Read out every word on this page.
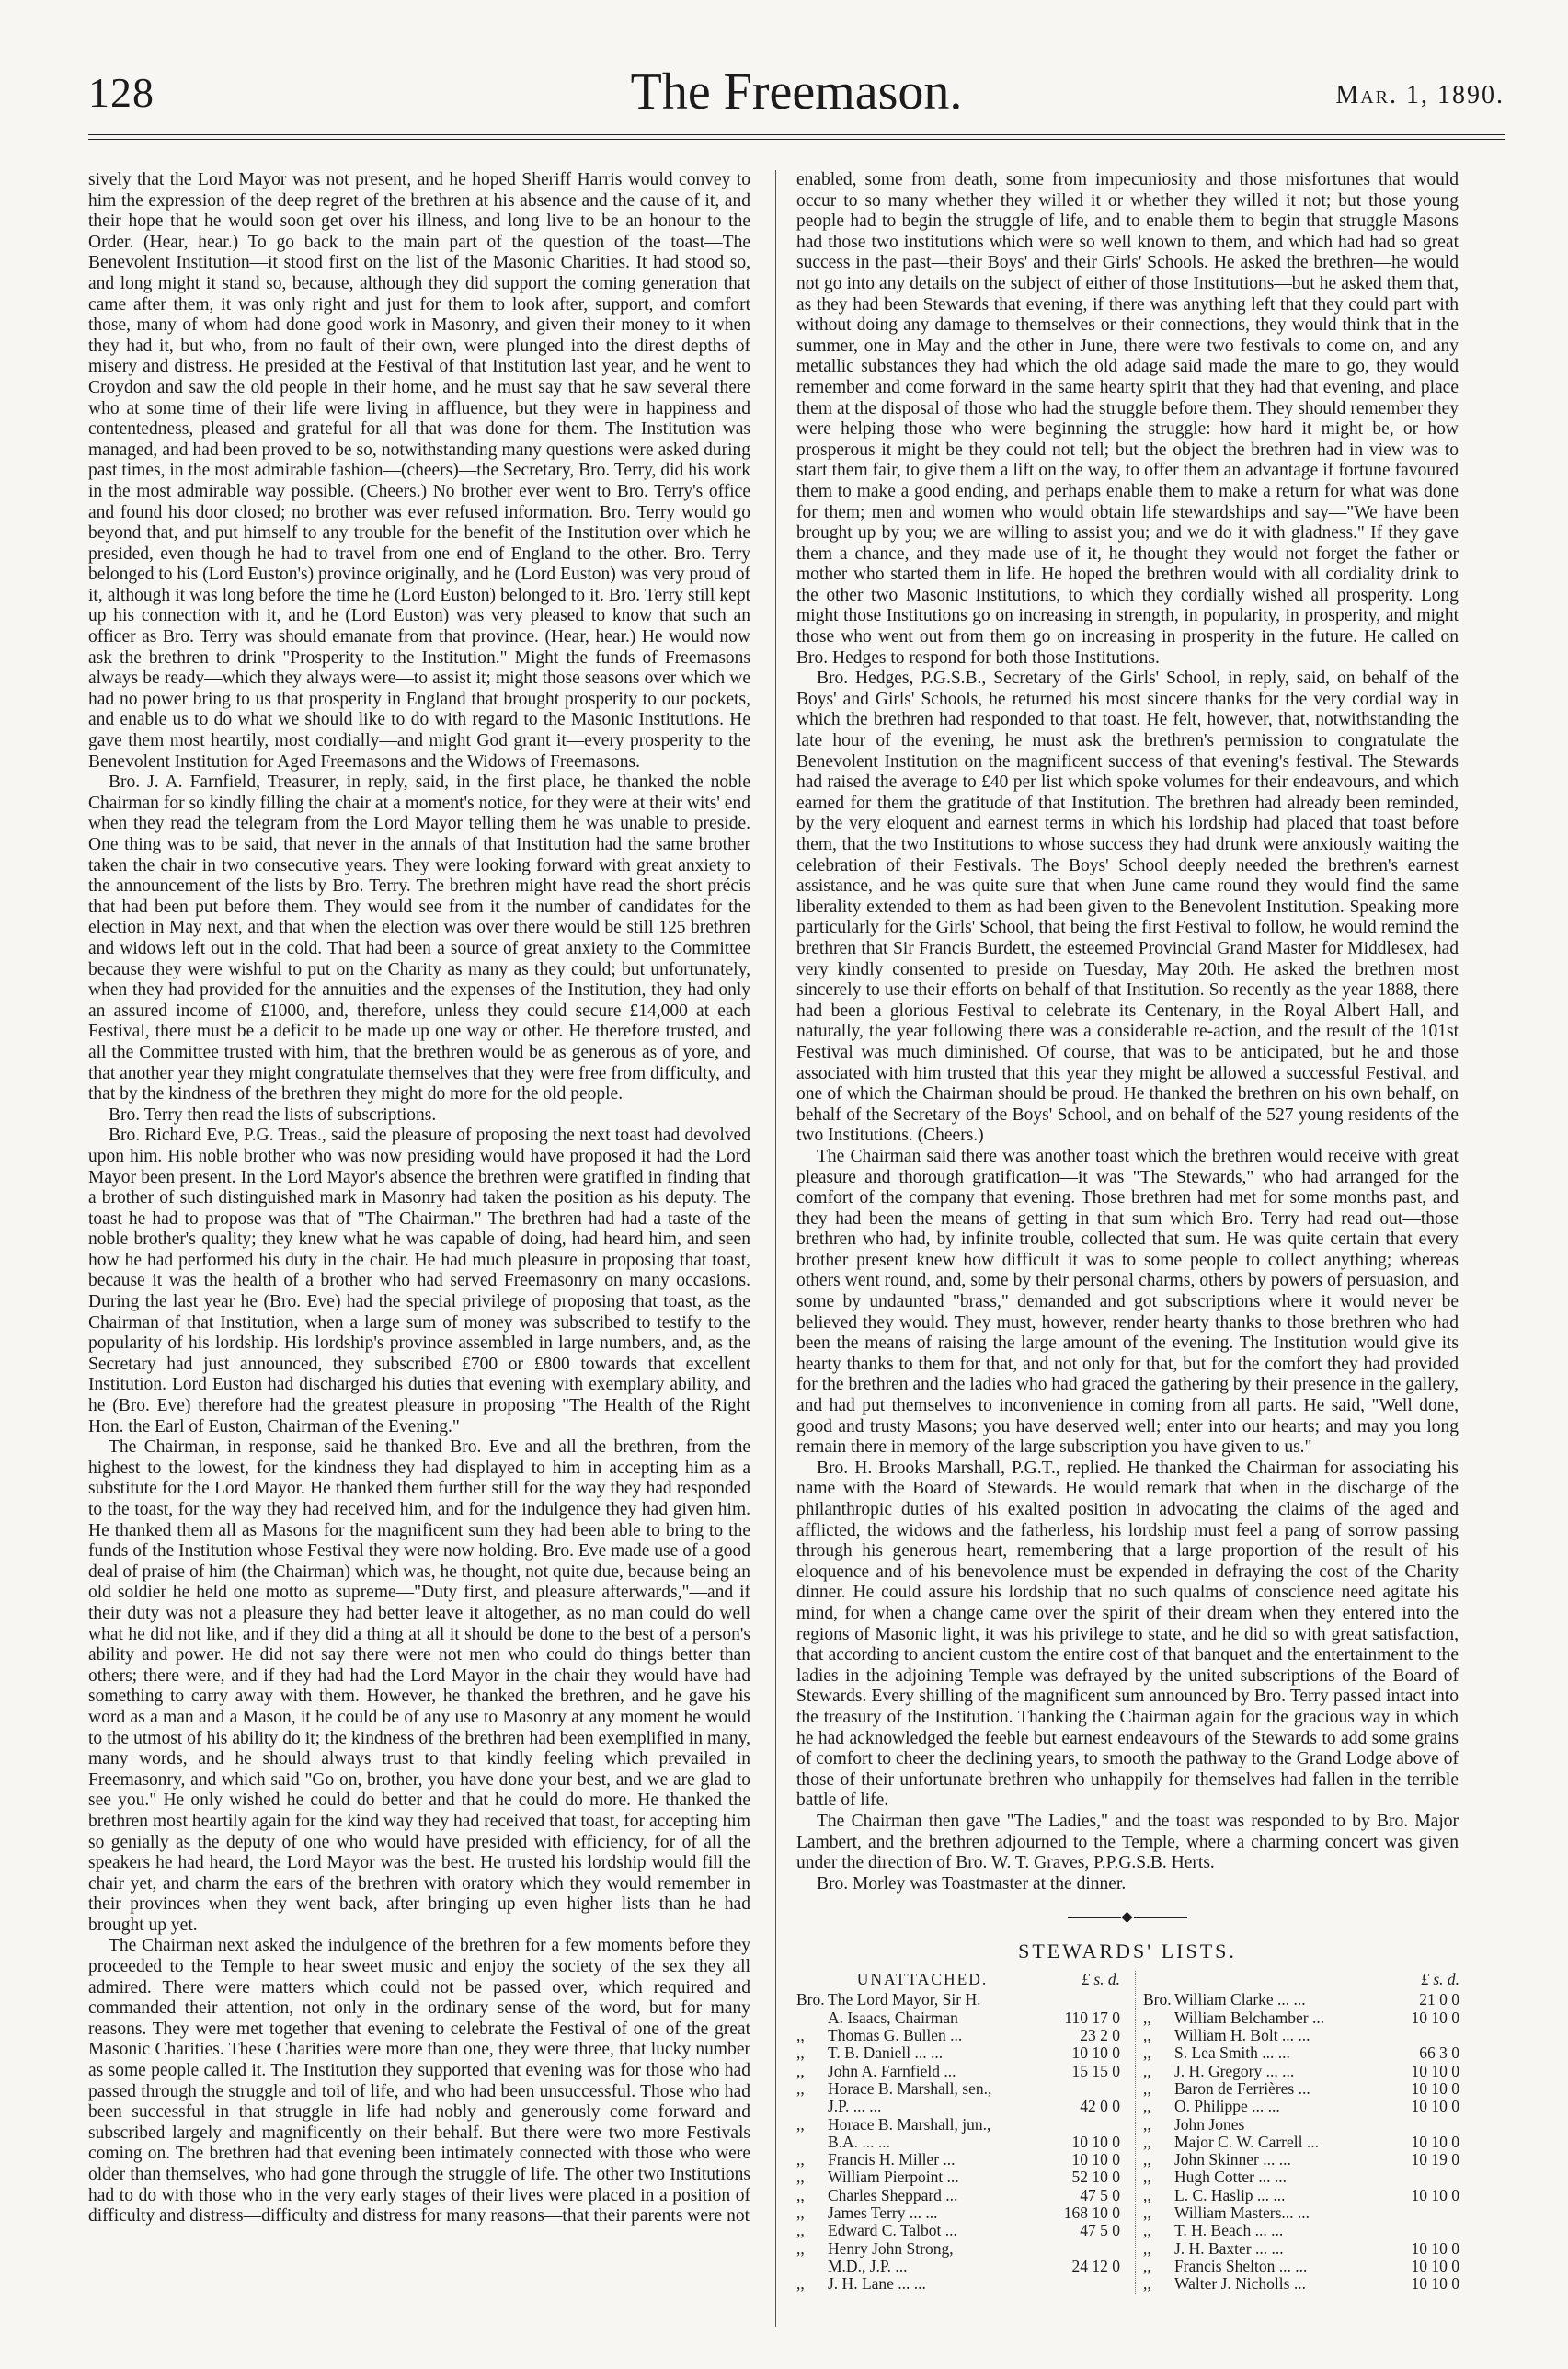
128	The Freemason.	Mar. 1, 1890.

sively that the Lord Mayor was not present, and he hoped Sheriff Harris would convey to him the expression of the deep regret of the brethren at his absence and the cause of it, and their hope that he would soon get over his illness, and long live to be an honour to the Order. (Hear, hear.) To go back to the main part of the question of the toast—The Benevolent Institution—it stood first on the list of the Masonic Charities. It had stood so, and long might it stand so, because, although they did support the coming generation that came after them, it was only right and just for them to look after, support, and comfort those, many of whom had done good work in Masonry, and given their money to it when they had it, but who, from no fault of their own, were plunged into the direst depths of misery and distress. He presided at the Festival of that Institution last year, and he went to Croydon and saw the old people in their home, and he must say that he saw several there who at some time of their life were living in affluence, but they were in happiness and contentedness, pleased and grateful for all that was done for them. The Institution was managed, and had been proved to be so, notwithstanding many questions were asked during past times, in the most admirable fashion—(cheers)—the Secretary, Bro. Terry, did his work in the most admirable way possible. (Cheers.) No brother ever went to Bro. Terry's office and found his door closed; no brother was ever refused information. Bro. Terry would go beyond that, and put himself to any trouble for the benefit of the Institution over which he presided, even though he had to travel from one end of England to the other. Bro. Terry belonged to his (Lord Euston's) province originally, and he (Lord Euston) was very proud of it, although it was long before the time he (Lord Euston) belonged to it. Bro. Terry still kept up his connection with it, and he (Lord Euston) was very pleased to know that such an officer as Bro. Terry was should emanate from that province. (Hear, hear.) He would now ask the brethren to drink "Prosperity to the Institution." Might the funds of Freemasons always be ready—which they always were—to assist it; might those seasons over which we had no power bring to us that prosperity in England that brought prosperity to our pockets, and enable us to do what we should like to do with regard to the Masonic Institutions. He gave them most heartily, most cordially—and might God grant it—every prosperity to the Benevolent Institution for Aged Freemasons and the Widows of Freemasons.

Bro. J. A. Farnfield, Treasurer, in reply, said, in the first place, he thanked the noble Chairman for so kindly filling the chair at a moment's notice, for they were at their wits' end when they read the telegram from the Lord Mayor telling them he was unable to preside. One thing was to be said, that never in the annals of that Institution had the same brother taken the chair in two consecutive years. They were looking forward with great anxiety to the announcement of the lists by Bro. Terry. The brethren might have read the short précis that had been put before them. They would see from it the number of candidates for the election in May next, and that when the election was over there would be still 125 brethren and widows left out in the cold. That had been a source of great anxiety to the Committee because they were wishful to put on the Charity as many as they could; but unfortunately, when they had provided for the annuities and the expenses of the Institution, they had only an assured income of £1000, and, therefore, unless they could secure £14,000 at each Festival, there must be a deficit to be made up one way or other. He therefore trusted, and all the Committee trusted with him, that the brethren would be as generous as of yore, and that another year they might congratulate themselves that they were free from difficulty, and that by the kindness of the brethren they might do more for the old people.

Bro. Terry then read the lists of subscriptions.

Bro. Richard Eve, P.G. Treas., said the pleasure of proposing the next toast had devolved upon him. His noble brother who was now presiding would have proposed it had the Lord Mayor been present. In the Lord Mayor's absence the brethren were gratified in finding that a brother of such distinguished mark in Masonry had taken the position as his deputy. The toast he had to propose was that of "The Chairman." The brethren had had a taste of the noble brother's quality; they knew what he was capable of doing, had heard him, and seen how he had performed his duty in the chair. He had much pleasure in proposing that toast, because it was the health of a brother who had served Freemasonry on many occasions. During the last year he (Bro. Eve) had the special privilege of proposing that toast, as the Chairman of that Institution, when a large sum of money was subscribed to testify to the popularity of his lordship. His lordship's province assembled in large numbers, and, as the Secretary had just announced, they subscribed £700 or £800 towards that excellent Institution. Lord Euston had discharged his duties that evening with exemplary ability, and he (Bro. Eve) therefore had the greatest pleasure in proposing "The Health of the Right Hon. the Earl of Euston, Chairman of the Evening."

The Chairman, in response, said he thanked Bro. Eve and all the brethren, from the highest to the lowest, for the kindness they had displayed to him in accepting him as a substitute for the Lord Mayor. He thanked them further still for the way they had responded to the toast, for the way they had received him, and for the indulgence they had given him. He thanked them all as Masons for the magnificent sum they had been able to bring to the funds of the Institution whose Festival they were now holding. Bro. Eve made use of a good deal of praise of him (the Chairman) which was, he thought, not quite due, because being an old soldier he held one motto as supreme—"Duty first, and pleasure afterwards,"—and if their duty was not a pleasure they had better leave it altogether, as no man could do well what he did not like, and if they did a thing at all it should be done to the best of a person's ability and power. He did not say there were not men who could do things better than others; there were, and if they had had the Lord Mayor in the chair they would have had something to carry away with them. However, he thanked the brethren, and he gave his word as a man and a Mason, it he could be of any use to Masonry at any moment he would to the utmost of his ability do it; the kindness of the brethren had been exemplified in many, many words, and he should always trust to that kindly feeling which prevailed in Freemasonry, and which said "Go on, brother, you have done your best, and we are glad to see you." He only wished he could do better and that he could do more. He thanked the brethren most heartily again for the kind way they had received that toast, for accepting him so genially as the deputy of one who would have presided with efficiency, for of all the speakers he had heard, the Lord Mayor was the best. He trusted his lordship would fill the chair yet, and charm the ears of the brethren with oratory which they would remember in their provinces when they went back, after bringing up even higher lists than he had brought up yet.

The Chairman next asked the indulgence of the brethren for a few moments before they proceeded to the Temple to hear sweet music and enjoy the society of the sex they all admired. There were matters which could not be passed over, which required and commanded their attention, not only in the ordinary sense of the word, but for many reasons. They were met together that evening to celebrate the Festival of one of the great Masonic Charities. These Charities were more than one, they were three, that lucky number as some people called it. The Institution they supported that evening was for those who had passed through the struggle and toil of life, and who had been unsuccessful. Those who had been successful in that struggle in life had nobly and generously come forward and subscribed largely and magnificently on their behalf. But there were two more Festivals coming on. The brethren had that evening been intimately connected with those who were older than themselves, who had gone through the struggle of life. The other two Institutions had to do with those who in the very early stages of their lives were placed in a position of difficulty and distress—difficulty and distress for many reasons—that their parents were not

enabled, some from death, some from impecuniosity and those misfortunes that would occur to so many whether they willed it or whether they willed it not; but those young people had to begin the struggle of life, and to enable them to begin that struggle Masons had those two institutions which were so well known to them, and which had had so great success in the past—their Boys' and their Girls' Schools. He asked the brethren—he would not go into any details on the subject of either of those Institutions—but he asked them that, as they had been Stewards that evening, if there was anything left that they could part with without doing any damage to themselves or their connections, they would think that in the summer, one in May and the other in June, there were two festivals to come on, and any metallic substances they had which the old adage said made the mare to go, they would remember and come forward in the same hearty spirit that they had that evening, and place them at the disposal of those who had the struggle before them. They should remember they were helping those who were beginning the struggle: how hard it might be, or how prosperous it might be they could not tell; but the object the brethren had in view was to start them fair, to give them a lift on the way, to offer them an advantage if fortune favoured them to make a good ending, and perhaps enable them to make a return for what was done for them; men and women who would obtain life stewardships and say—"We have been brought up by you; we are willing to assist you; and we do it with gladness." If they gave them a chance, and they made use of it, he thought they would not forget the father or mother who started them in life. He hoped the brethren would with all cordiality drink to the other two Masonic Institutions, to which they cordially wished all prosperity. Long might those Institutions go on increasing in strength, in popularity, in prosperity, and might those who went out from them go on increasing in prosperity in the future. He called on Bro. Hedges to respond for both those Institutions.

Bro. Hedges, P.G.S.B., Secretary of the Girls' School, in reply, said, on behalf of the Boys' and Girls' Schools, he returned his most sincere thanks for the very cordial way in which the brethren had responded to that toast. He felt, however, that, notwithstanding the late hour of the evening, he must ask the brethren's permission to congratulate the Benevolent Institution on the magnificent success of that evening's festival. The Stewards had raised the average to £40 per list which spoke volumes for their endeavours, and which earned for them the gratitude of that Institution. The brethren had already been reminded, by the very eloquent and earnest terms in which his lordship had placed that toast before them, that the two Institutions to whose success they had drunk were anxiously waiting the celebration of their Festivals. The Boys' School deeply needed the brethren's earnest assistance, and he was quite sure that when June came round they would find the same liberality extended to them as had been given to the Benevolent Institution. Speaking more particularly for the Girls' School, that being the first Festival to follow, he would remind the brethren that Sir Francis Burdett, the esteemed Provincial Grand Master for Middlesex, had very kindly consented to preside on Tuesday, May 20th. He asked the brethren most sincerely to use their efforts on behalf of that Institution. So recently as the year 1888, there had been a glorious Festival to celebrate its Centenary, in the Royal Albert Hall, and naturally, the year following there was a considerable re-action, and the result of the 101st Festival was much diminished. Of course, that was to be anticipated, but he and those associated with him trusted that this year they might be allowed a successful Festival, and one of which the Chairman should be proud. He thanked the brethren on his own behalf, on behalf of the Secretary of the Boys' School, and on behalf of the 527 young residents of the two Institutions. (Cheers.)

The Chairman said there was another toast which the brethren would receive with great pleasure and thorough gratification—it was "The Stewards," who had arranged for the comfort of the company that evening. Those brethren had met for some months past, and they had been the means of getting in that sum which Bro. Terry had read out—those brethren who had, by infinite trouble, collected that sum. He was quite certain that every brother present knew how difficult it was to some people to collect anything; whereas others went round, and, some by their personal charms, others by powers of persuasion, and some by undaunted "brass," demanded and got subscriptions where it would never be believed they would. They must, however, render hearty thanks to those brethren who had been the means of raising the large amount of the evening. The Institution would give its hearty thanks to them for that, and not only for that, but for the comfort they had provided for the brethren and the ladies who had graced the gathering by their presence in the gallery, and had put themselves to inconvenience in coming from all parts. He said, "Well done, good and trusty Masons; you have deserved well; enter into our hearts; and may you long remain there in memory of the large subscription you have given to us."

Bro. H. Brooks Marshall, P.G.T., replied. He thanked the Chairman for associating his name with the Board of Stewards. He would remark that when in the discharge of the philanthropic duties of his exalted position in advocating the claims of the aged and afflicted, the widows and the fatherless, his lordship must feel a pang of sorrow passing through his generous heart, remembering that a large proportion of the result of his eloquence and of his benevolence must be expended in defraying the cost of the Charity dinner. He could assure his lordship that no such qualms of conscience need agitate his mind, for when a change came over the spirit of their dream when they entered into the regions of Masonic light, it was his privilege to state, and he did so with great satisfaction, that according to ancient custom the entire cost of that banquet and the entertainment to the ladies in the adjoining Temple was defrayed by the united subscriptions of the Board of Stewards. Every shilling of the magnificent sum announced by Bro. Terry passed intact into the treasury of the Institution. Thanking the Chairman again for the gracious way in which he had acknowledged the feeble but earnest endeavours of the Stewards to add some grains of comfort to cheer the declining years, to smooth the pathway to the Grand Lodge above of those of their unfortunate brethren who unhappily for themselves had fallen in the terrible battle of life.

The Chairman then gave "The Ladies," and the toast was responded to by Bro. Major Lambert, and the brethren adjourned to the Temple, where a charming concert was given under the direction of Bro. W. T. Graves, P.P.G.S.B. Herts.

Bro. Morley was Toastmaster at the dinner.

◆
STEWARDS' LISTS.
UNATTACHED.	£ s. d.
Bro. The Lord Mayor, Sir H.
A. Isaacs, Chairman	110 17 0
,,	Thomas G. Bullen ...	23 2 0
,,	T. B. Daniell ... ...	10 10 0
,,	John A. Farnfield ...	15 15 0
,,	Horace B. Marshall, sen.,
J.P. ... ...	42 0 0
,,	Horace B. Marshall, jun.,
B.A. ... ...	10 10 0
,,	Francis H. Miller ...	10 10 0
,,	William Pierpoint ...	52 10 0
,,	Charles Sheppard ...	47 5 0
,,	James Terry ... ...	168 10 0
,,	Edward C. Talbot ...	47 5 0
,,	Henry John Strong,
M.D., J.P. ...	24 12 0
,,	J. H. Lane ... ...
£ s. d.
Bro. William Clarke ... ...	21 0 0
,,	William Belchamber ...	10 10 0
,,	William H. Bolt ... ...
,,	S. Lea Smith ... ...	66 3 0
,,	J. H. Gregory ... ...	10 10 0
,,	Baron de Ferrières ...	10 10 0
,,	O. Philippe ... ...	10 10 0
,,	John Jones
,,	Major C. W. Carrell ...	10 10 0
,,	John Skinner ... ...	10 19 0
,,	Hugh Cotter ... ...
,,	L. C. Haslip ... ...	10 10 0
,,	William Masters... ...
,,	T. H. Beach ... ...
,,	J. H. Baxter ... ...	10 10 0
,,	Francis Shelton ... ...	10 10 0
,,	Walter J. Nicholls ...	10 10 0
